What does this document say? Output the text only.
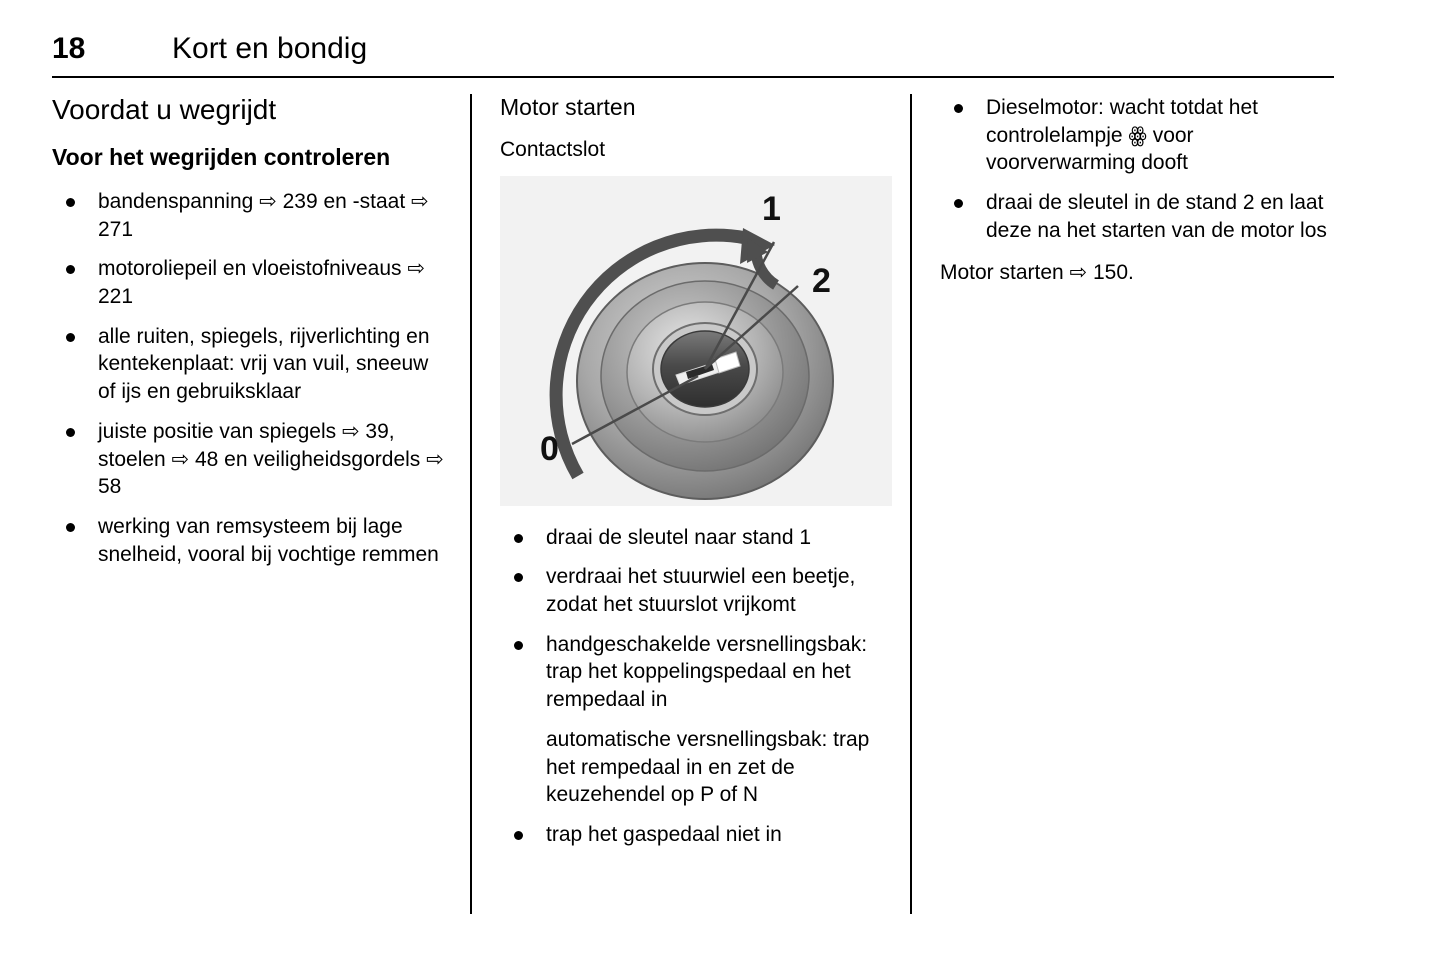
18	Kort en bondig
Voordat u wegrijdt
Voor het wegrijden controleren
bandenspanning ⇨ 239 en -staat ⇨ 271
motoroliepeil en vloeistofniveaus ⇨ 221
alle ruiten, spiegels, rijverlichting en kentekenplaat: vrij van vuil, sneeuw of ijs en gebruiksklaar
juiste positie van spiegels ⇨ 39, stoelen ⇨ 48 en veiligheidsgordels ⇨ 58
werking van remsysteem bij lage snelheid, vooral bij vochtige remmen
Motor starten
Contactslot
1
2
0
draai de sleutel naar stand 1
verdraai het stuurwiel een beetje, zodat het stuurslot vrijkomt
handgeschakelde versnellingsbak: trap het koppelingspedaal en het rempedaal in
automatische versnellingsbak: trap het rempedaal in en zet de keuzehendel op P of N
trap het gaspedaal niet in
Dieselmotor: wacht totdat het controlelampje ꙮ voor voorverwarming dooft
draai de sleutel in de stand 2 en laat deze na het starten van de motor los
Motor starten ⇨ 150.
